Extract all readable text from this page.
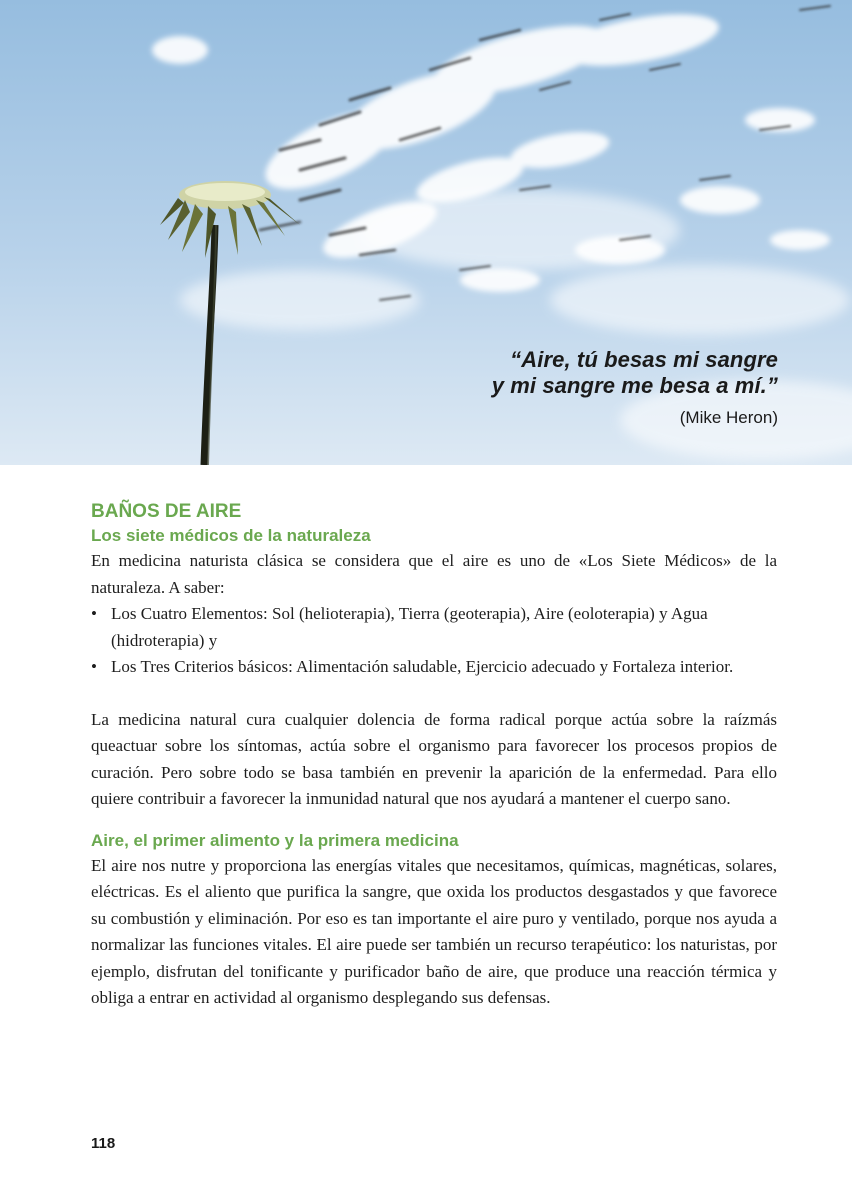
“Aire, tú besas mi sangre
y mi sangre me besa a mí.”
(Mike Heron)
BAÑOS DE AIRE
Los siete médicos de la naturaleza

En medicina naturista clásica se considera que el aire es uno de «Los Siete Médicos» de la naturaleza. A saber:

• Los Cuatro Elementos: Sol (helioterapia), Tierra (geoterapia), Aire (eoloterapia) y Agua (hidroterapia) y
• Los Tres Criterios básicos: Alimentación saludable, Ejercicio adecuado y Fortaleza interior.

La medicina natural cura cualquier dolencia de forma radical porque actúa sobre la raízmás queactuar sobre los síntomas, actúa sobre el organismo para favorecer los procesos propios de curación. Pero sobre todo se basa también en prevenir la aparición de la enfermedad. Para ello quiere contribuir a favorecer la inmunidad natural que nos ayudará a mantener el cuerpo sano.

Aire, el primer alimento y la primera medicina

El aire nos nutre y proporciona las energías vitales que necesitamos, químicas, magnéticas, solares, eléctricas. Es el aliento que purifica la sangre, que oxida los productos desgastados y que favorece su combustión y eliminación. Por eso es tan importante el aire puro y ventilado, porque nos ayuda a normalizar las funciones vitales. El aire puede ser también un recurso terapéutico: los naturistas, por ejemplo, disfrutan del tonificante y purificador baño de aire, que produce una reacción térmica y obliga a entrar en actividad al organismo desplegando sus defensas.

118
